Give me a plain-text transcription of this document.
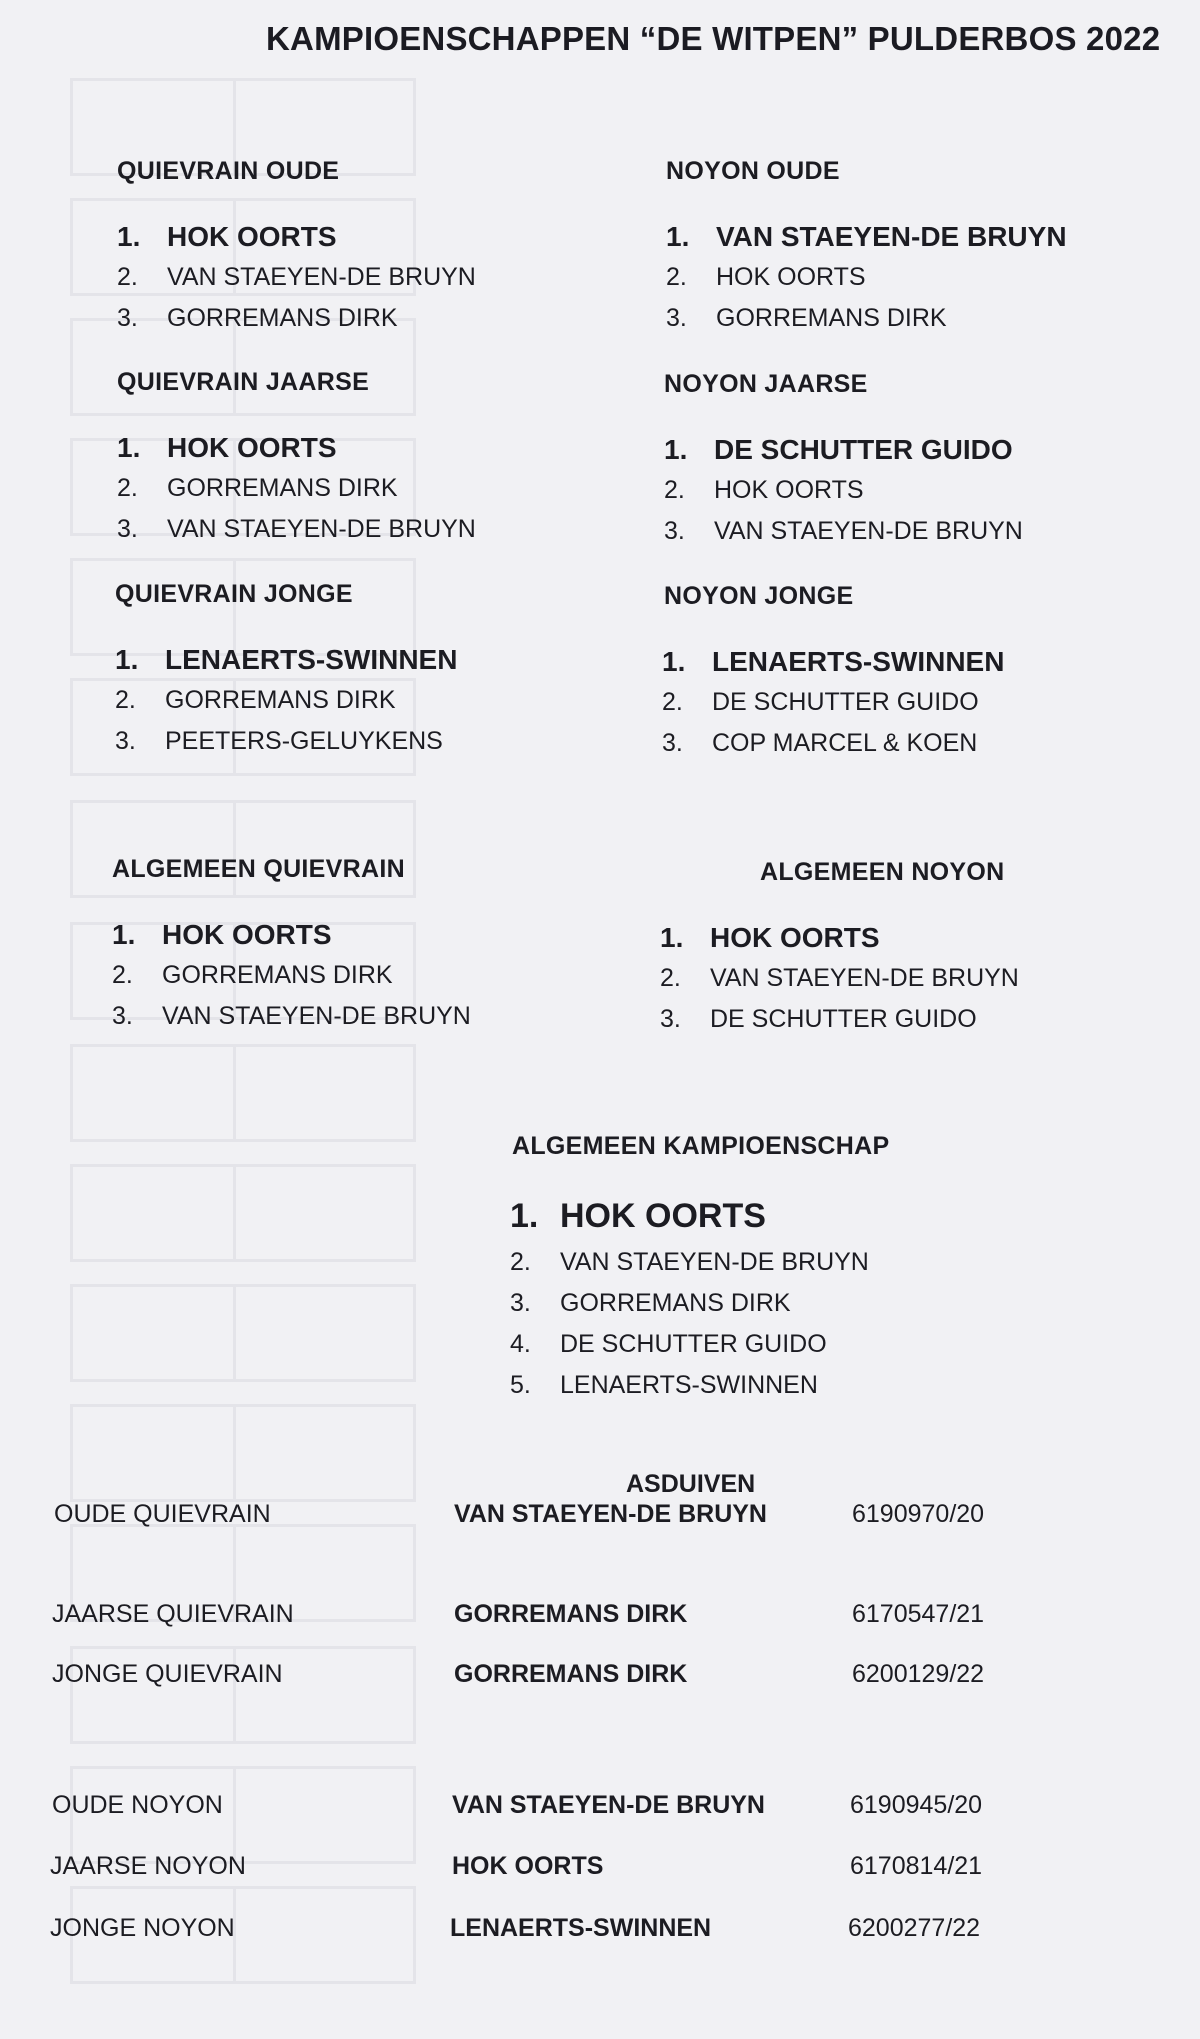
KAMPIOENSCHAPPEN “DE WITPEN” PULDERBOS 2022
QUIEVRAIN OUDE
1. HOK OORTS
2. VAN STAEYEN-DE BRUYN
3. GORREMANS DIRK
NOYON OUDE
1. VAN STAEYEN-DE BRUYN
2. HOK OORTS
3. GORREMANS DIRK
QUIEVRAIN JAARSE
1. HOK OORTS
2. GORREMANS DIRK
3. VAN STAEYEN-DE BRUYN
NOYON JAARSE
1. DE SCHUTTER GUIDO
2. HOK OORTS
3. VAN STAEYEN-DE BRUYN
QUIEVRAIN JONGE
1. LENAERTS-SWINNEN
2. GORREMANS DIRK
3. PEETERS-GELUYKENS
NOYON JONGE
1. LENAERTS-SWINNEN
2. DE SCHUTTER GUIDO
3. COP MARCEL & KOEN
ALGEMEEN QUIEVRAIN
1. HOK OORTS
2. GORREMANS DIRK
3. VAN STAEYEN-DE BRUYN
ALGEMEEN NOYON
1. HOK OORTS
2. VAN STAEYEN-DE BRUYN
3. DE SCHUTTER GUIDO
ALGEMEEN KAMPIOENSCHAP
1. HOK OORTS
2. VAN STAEYEN-DE BRUYN
3. GORREMANS DIRK
4. DE SCHUTTER GUIDO
5. LENAERTS-SWINNEN
ASDUIVEN
OUDE QUIEVRAIN	VAN STAEYEN-DE BRUYN	6190970/20
JAARSE QUIEVRAIN	GORREMANS DIRK	6170547/21
JONGE QUIEVRAIN	GORREMANS DIRK	6200129/22
OUDE NOYON	VAN STAEYEN-DE BRUYN	6190945/20
JAARSE NOYON	HOK OORTS	6170814/21
JONGE NOYON	LENAERTS-SWINNEN	6200277/22
